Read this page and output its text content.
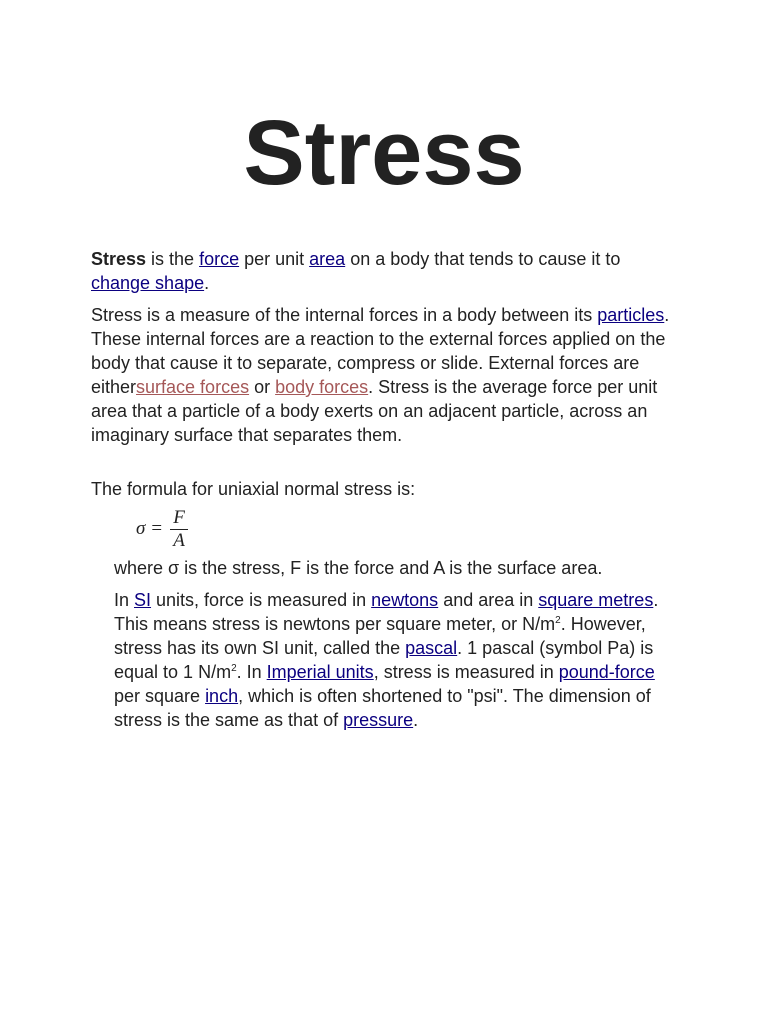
Stress

Stress is the force per unit area on a body that tends to cause it to change shape.

Stress is a measure of the internal forces in a body between its particles. These internal forces are a reaction to the external forces applied on the body that cause it to separate, compress or slide. External forces are eithersurface forces or body forces. Stress is the average force per unit area that a particle of a body exerts on an adjacent particle, across an imaginary surface that separates them.

The formula for uniaxial normal stress is:

$\sigma = \frac{F}{A}$

where σ is the stress, F is the force and A is the surface area.

In SI units, force is measured in newtons and area in square metres. This means stress is newtons per square meter, or $N/m^2$. However, stress has its own SI unit, called the pascal. 1 pascal (symbol Pa) is equal to 1 $N/m^2$. In Imperial units, stress is measured in pound-force per square inch, which is often shortened to "psi". The dimension of stress is the same as that of pressure.
